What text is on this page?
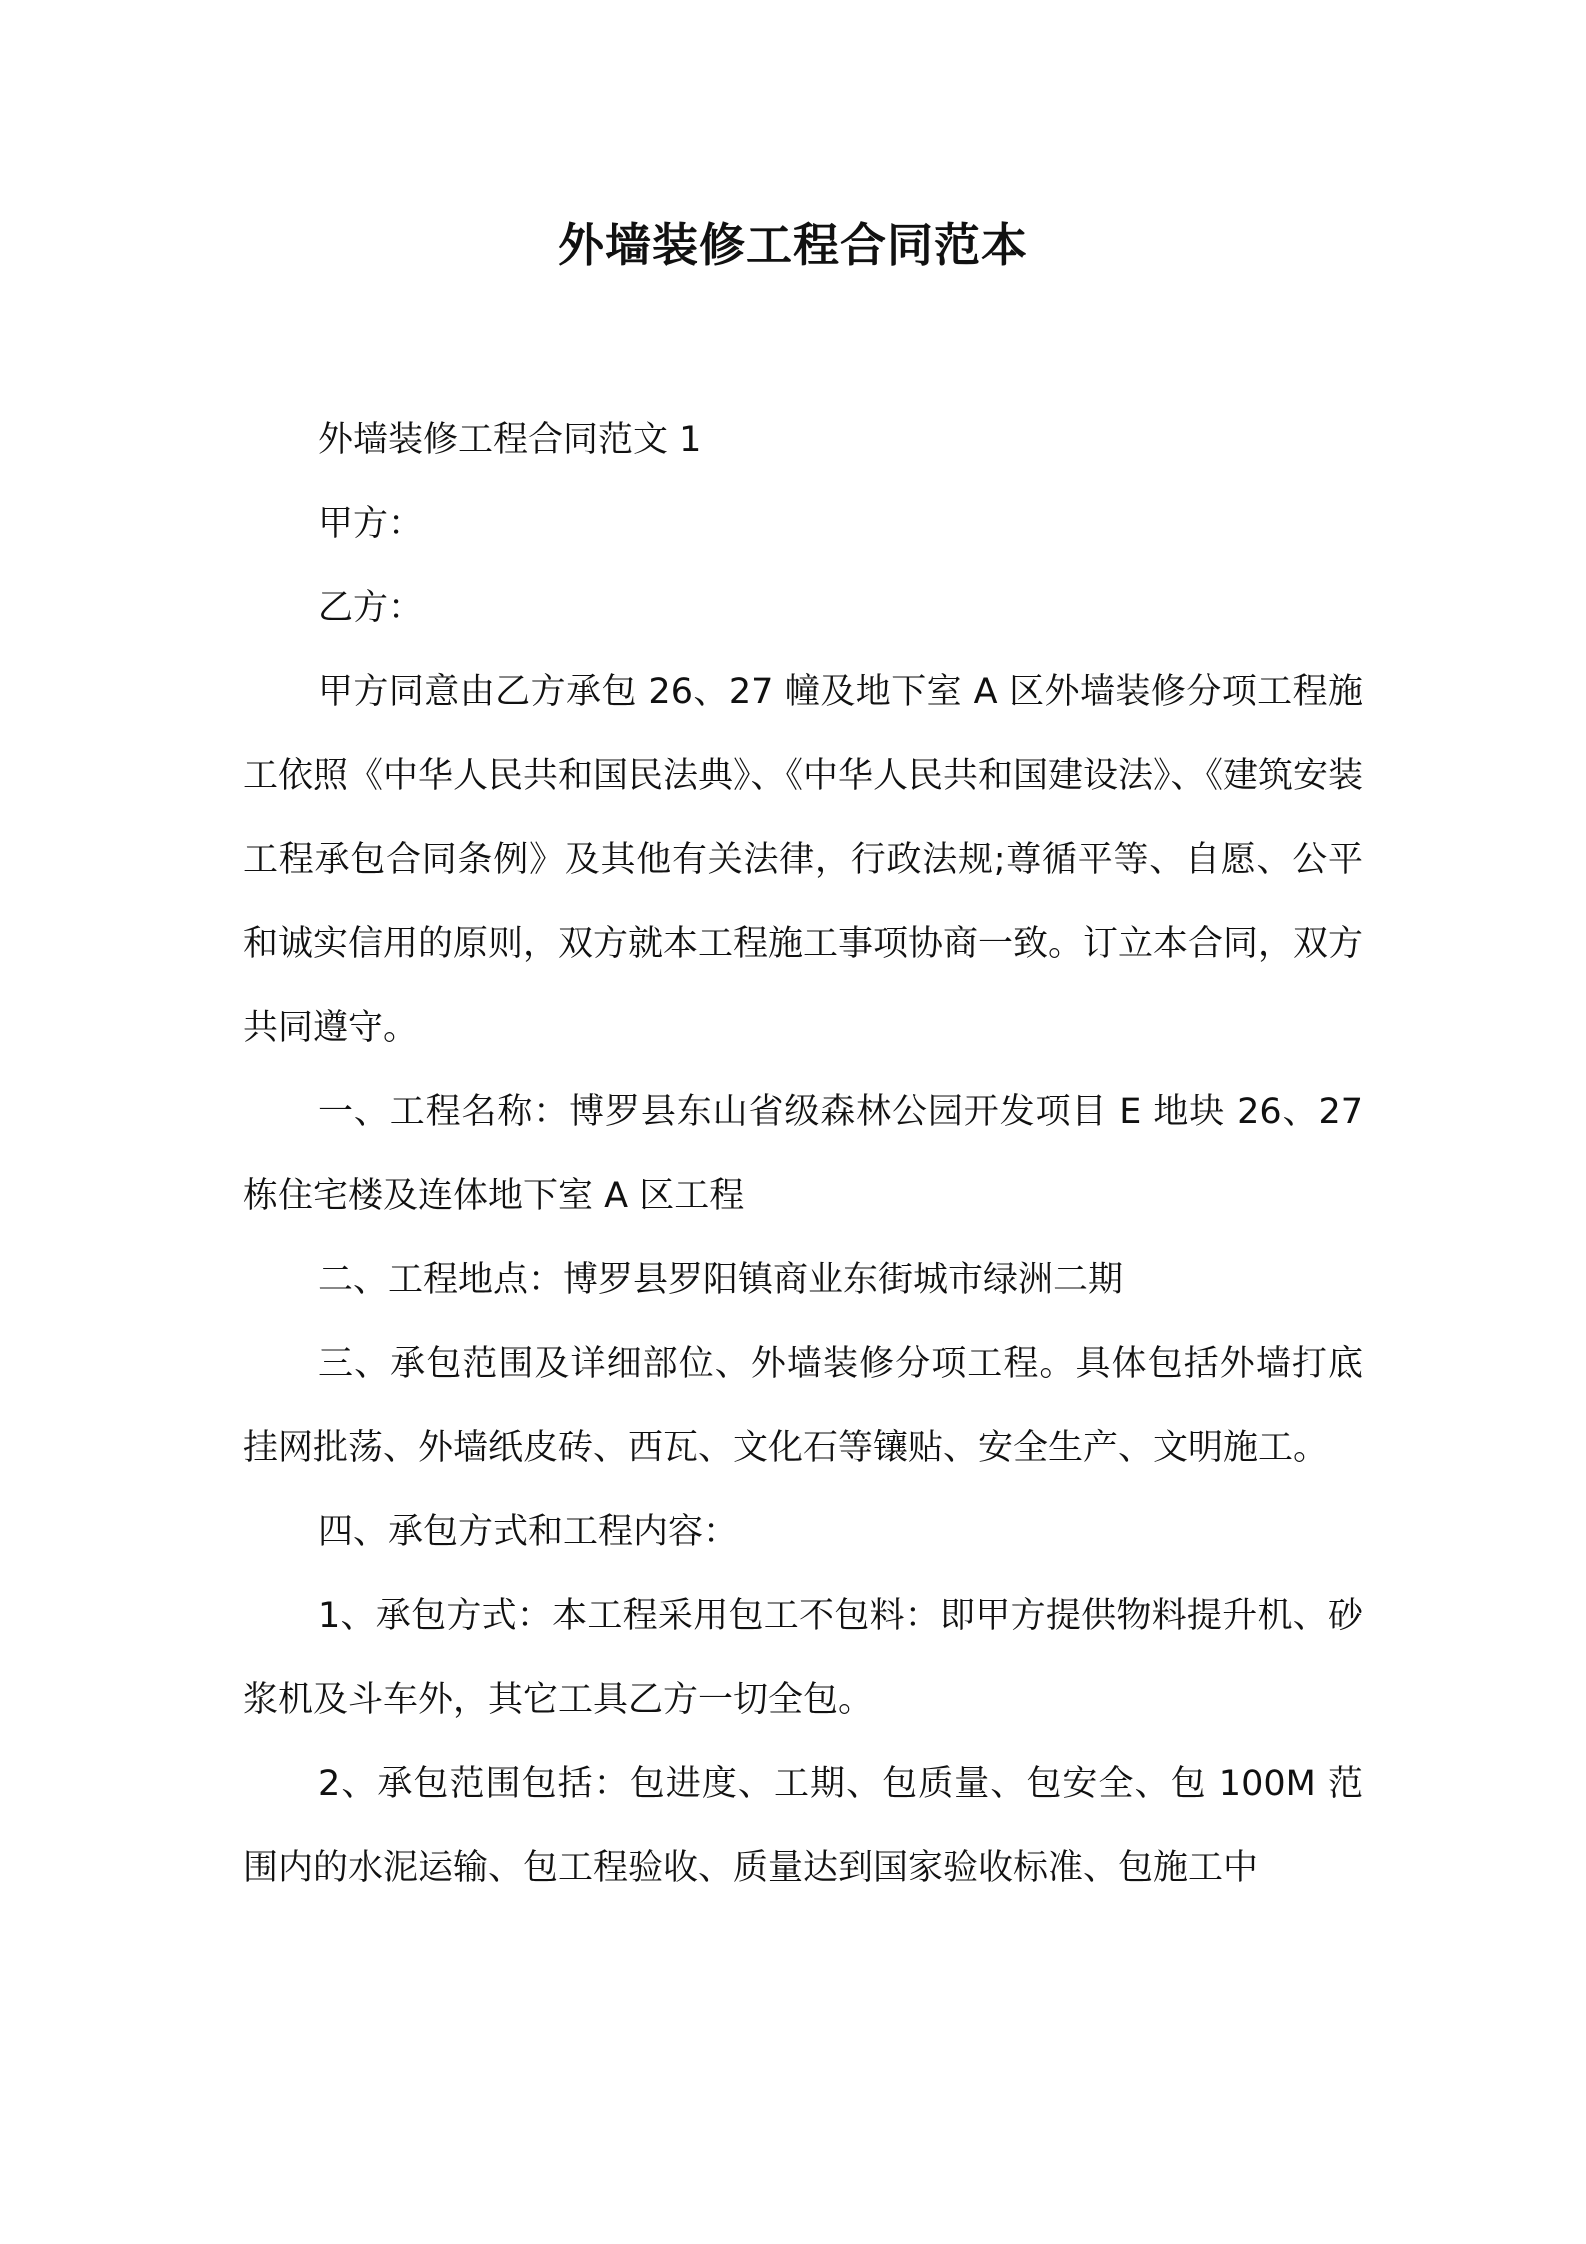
外墙装修工程合同范本

外墙装修工程合同范文 1

甲方：

乙方：

甲方同意由乙方承包 26、27 幢及地下室 A 区外墙装修分项工程施工依照《中华人民共和国民法典》、《中华人民共和国建设法》、《建筑安装工程承包合同条例》及其他有关法律，行政法规;尊循平等、自愿、公平和诚实信用的原则，双方就本工程施工事项协商一致。订立本合同，双方共同遵守。

一、工程名称：博罗县东山省级森林公园开发项目 E 地块 26、27 栋住宅楼及连体地下室 A 区工程

二、工程地点：博罗县罗阳镇商业东街城市绿洲二期

三、承包范围及详细部位、外墙装修分项工程。具体包括外墙打底挂网批荡、外墙纸皮砖、西瓦、文化石等镶贴、安全生产、文明施工。

四、承包方式和工程内容：

1、承包方式：本工程采用包工不包料：即甲方提供物料提升机、砂浆机及斗车外，其它工具乙方一切全包。

2、承包范围包括：包进度、工期、包质量、包安全、包 100M 范围内的水泥运输、包工程验收、质量达到国家验收标准、包施工中
